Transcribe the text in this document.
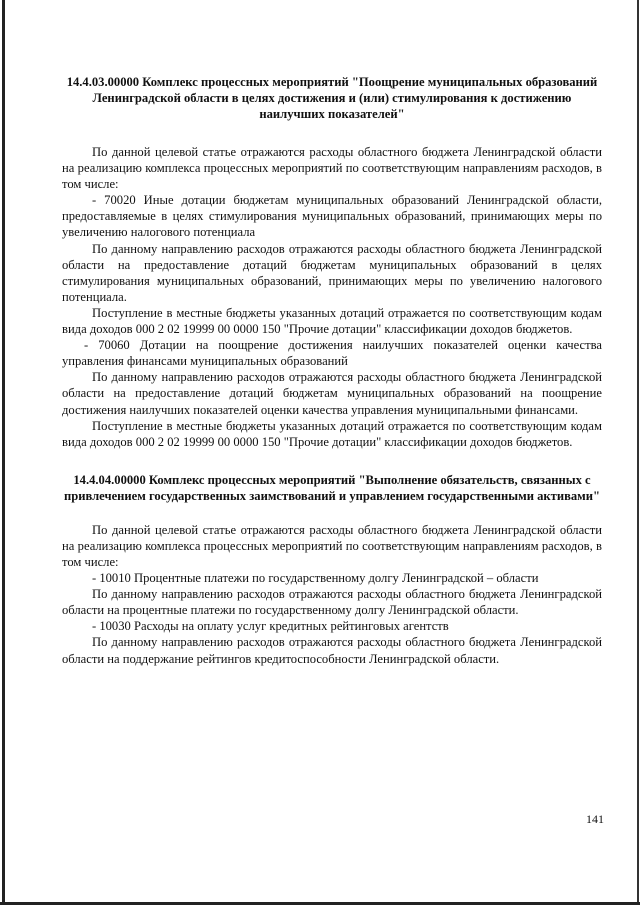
14.4.03.00000 Комплекс процессных мероприятий "Поощрение муниципальных образований Ленинградской области в целях достижения и (или) стимулирования к достижению наилучших показателей"

По данной целевой статье отражаются расходы областного бюджета Ленинградской области на реализацию комплекса процессных мероприятий по соответствующим направлениям расходов, в том числе:

- 70020 Иные дотации бюджетам муниципальных образований Ленинградской области, предоставляемые в целях стимулирования муниципальных образований, принимающих меры по увеличению налогового потенциала

По данному направлению расходов отражаются расходы областного бюджета Ленинградской области на предоставление дотаций бюджетам муниципальных образований в целях стимулирования муниципальных образований, принимающих меры по увеличению налогового потенциала.

Поступление в местные бюджеты указанных дотаций отражается по соответствующим кодам вида доходов 000 2 02 19999 00 0000 150 "Прочие дотации" классификации доходов бюджетов.

- 70060 Дотации на поощрение достижения наилучших показателей оценки качества управления финансами муниципальных образований

По данному направлению расходов отражаются расходы областного бюджета Ленинградской области на предоставление дотаций бюджетам муниципальных образований на поощрение достижения наилучших показателей оценки качества управления муниципальными финансами.

Поступление в местные бюджеты указанных дотаций отражается по соответствующим кодам вида доходов 000 2 02 19999 00 0000 150 "Прочие дотации" классификации доходов бюджетов.

14.4.04.00000 Комплекс процессных мероприятий "Выполнение обязательств, связанных с привлечением государственных заимствований и управлением государственными активами"

По данной целевой статье отражаются расходы областного бюджета Ленинградской области на реализацию комплекса процессных мероприятий по соответствующим направлениям расходов, в том числе:

- 10010 Процентные платежи по государственному долгу Ленинградской – области

По данному направлению расходов отражаются расходы областного бюджета Ленинградской области на процентные платежи по государственному долгу Ленинградской области.

- 10030 Расходы на оплату услуг кредитных рейтинговых агентств

По данному направлению расходов отражаются расходы областного бюджета Ленинградской области на поддержание рейтингов кредитоспособности Ленинградской области.

141
